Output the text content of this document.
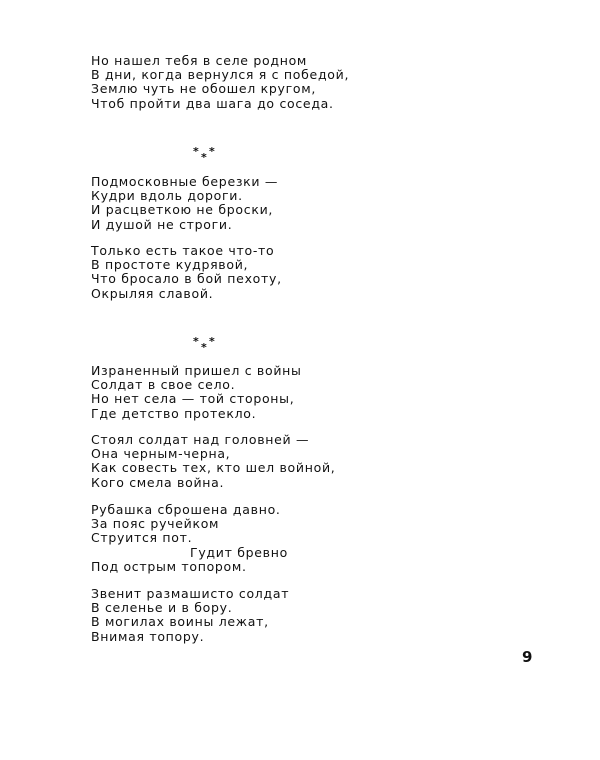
Но нашел тебя в селе родном
В дни, когда вернулся я с победой,
Землю чуть не обошел кругом,
Чтоб пройти два шага до соседа.
* * *
Подмосковные березки —
Кудри вдоль дороги.
И расцветкою не броски,
И душой не строги.
Только есть такое что-то
В простоте кудрявой,
Что бросало в бой пехоту,
Окрыляя славой.
* * *
Израненный пришел с войны
Солдат в свое село.
Но нет села — той стороны,
Где детство протекло.
Стоял солдат над головней —
Она черным-черна,
Как совесть тех, кто шел войной,
Кого смела война.
Рубашка сброшена давно.
За пояс ручейком
Струится пот.
Гудит бревно
Под острым топором.
Звенит размашисто солдат
В селенье и в бору.
В могилах воины лежат,
Внимая топору.
9
